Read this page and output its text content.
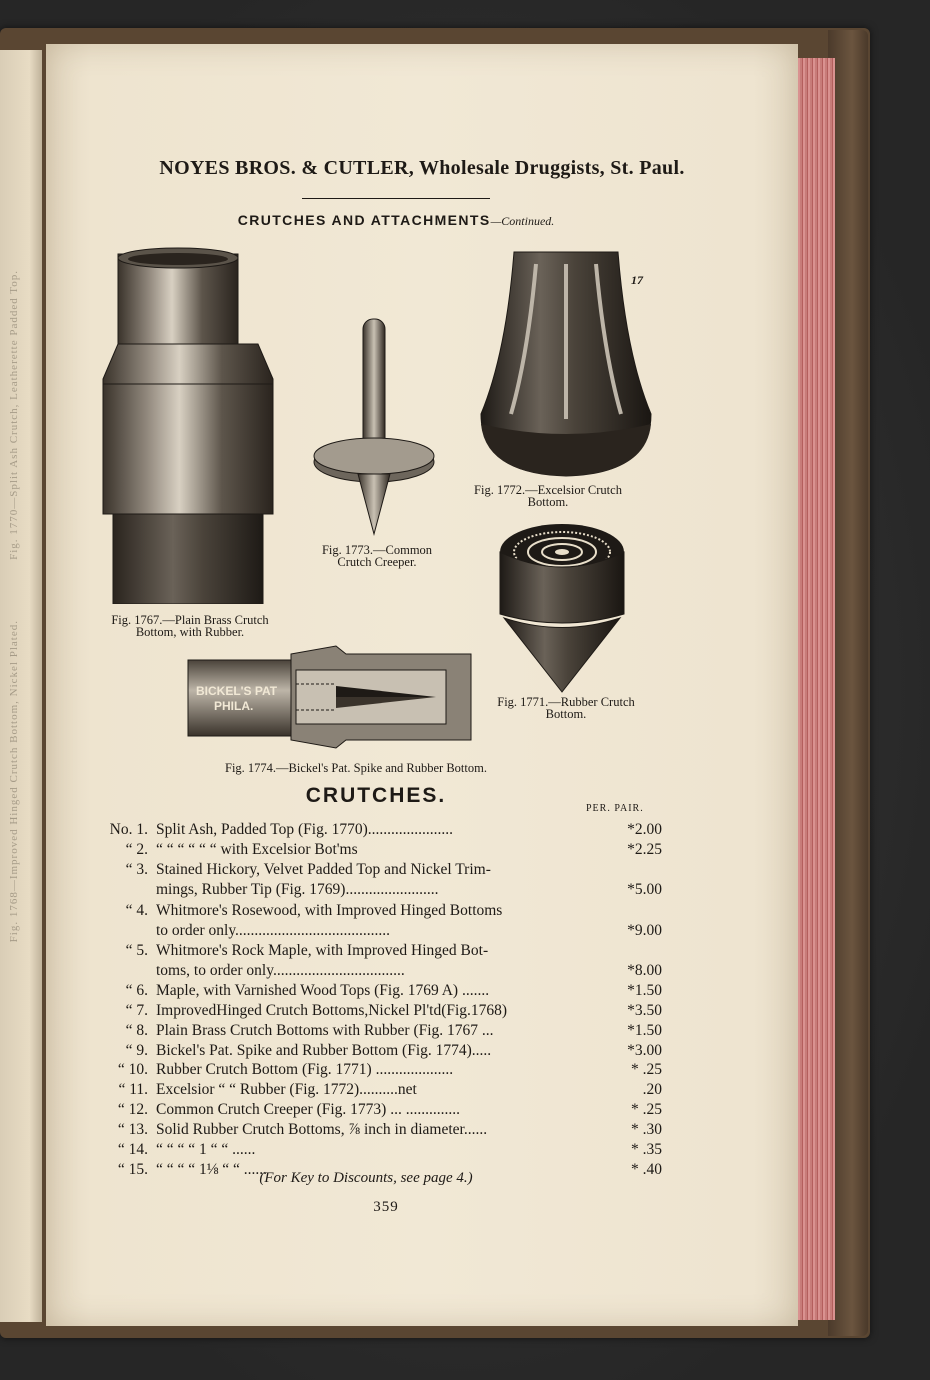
Fig. 1770—Split Ash Crutch, Leatherette Padded Top.
Fig. 1768—Improved Hinged Crutch Bottom, Nickel Plated.
NOYES BROS. & CUTLER, Wholesale Druggists, St. Paul.
CRUTCHES AND ATTACHMENTS—Continued.
Fig. 1767.—Plain Brass Crutch
Bottom, with Rubber.
Fig. 1773.—Common
Crutch Creeper.
17
Fig. 1772.—Excelsior Crutch
Bottom.
Fig. 1771.—Rubber Crutch
Bottom.
BICKEL'S PAT
PHILA.
Fig. 1774.—Bickel's Pat. Spike and Rubber Bottom.
CRUTCHES.
PER. PAIR.
No. 1. Split Ash, Padded Top (Fig. 1770)......................	*2.00
“ 2. “ “ “ “ “ “ with Excelsior Bot'ms	*2.25
“ 3. Stained Hickory, Velvet Padded Top and Nickel Trim-
mings, Rubber Tip (Fig. 1769)........................	*5.00
“ 4. Whitmore's Rosewood, with Improved Hinged Bottoms
to order only........................................	*9.00
“ 5. Whitmore's Rock Maple, with Improved Hinged Bot-
toms, to order only..................................	*8.00
“ 6. Maple, with Varnished Wood Tops (Fig. 1769 A) .......	*1.50
“ 7. ImprovedHinged Crutch Bottoms,Nickel Pl'td(Fig.1768)	*3.50
“ 8. Plain Brass Crutch Bottoms with Rubber (Fig. 1767 ...	*1.50
“ 9. Bickel's Pat. Spike and Rubber Bottom (Fig. 1774).....	*3.00
“ 10. Rubber Crutch Bottom (Fig. 1771) ....................	* .25
“ 11. Excelsior “ “ Rubber (Fig. 1772)..........net	.20
“ 12. Common Crutch Creeper (Fig. 1773) ... ..............	* .25
“ 13. Solid Rubber Crutch Bottoms, ⅞ inch in diameter......	* .30
“ 14. “ “ “ “ 1 “ “ ......	* .35
“ 15. “ “ “ “ 1⅛ “ “ ......	* .40
(For Key to Discounts, see page 4.)
359
